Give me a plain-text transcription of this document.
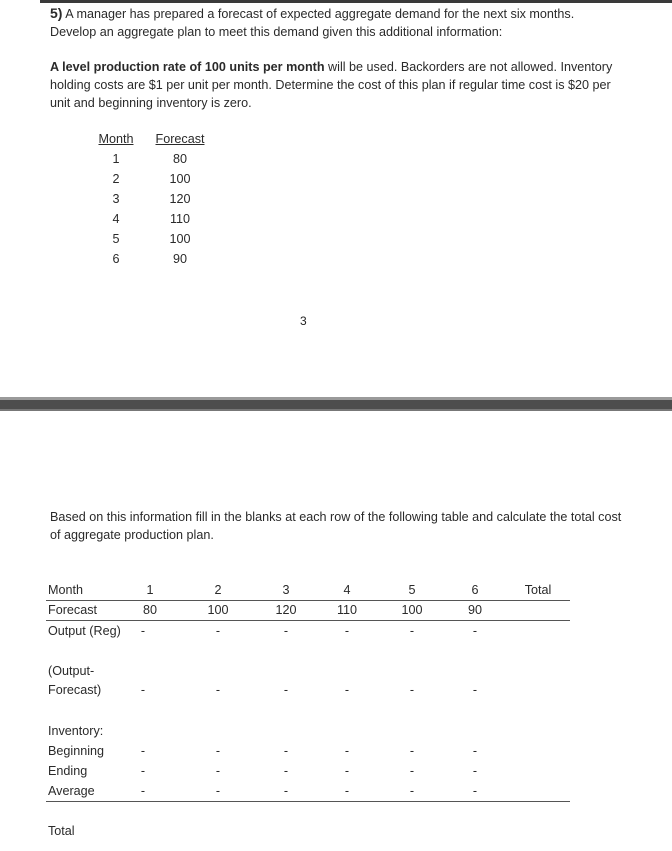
5) A manager has prepared a forecast of expected aggregate demand for the next six months. Develop an aggregate plan to meet this demand given this additional information:
A level production rate of 100 units per month will be used. Backorders are not allowed. Inventory holding costs are $1 per unit per month. Determine the cost of this plan if regular time cost is $20 per unit and beginning inventory is zero.
Month	Forecast
1	80
2	100
3	120
4	110
5	100
6	90
3
Based on this information fill in the blanks at each row of the following table and calculate the total cost of aggregate production plan.
Month	1	2	3	4	5	6	Total
Forecast	80	100	120	110	100	90
Output (Reg)	-	-	-	-	-	-
(Output-
Forecast)	-	-	-	-	-	-
Inventory:
Beginning	-	-	-	-	-	-
Ending	-	-	-	-	-	-
Average	-	-	-	-	-	-
Total
